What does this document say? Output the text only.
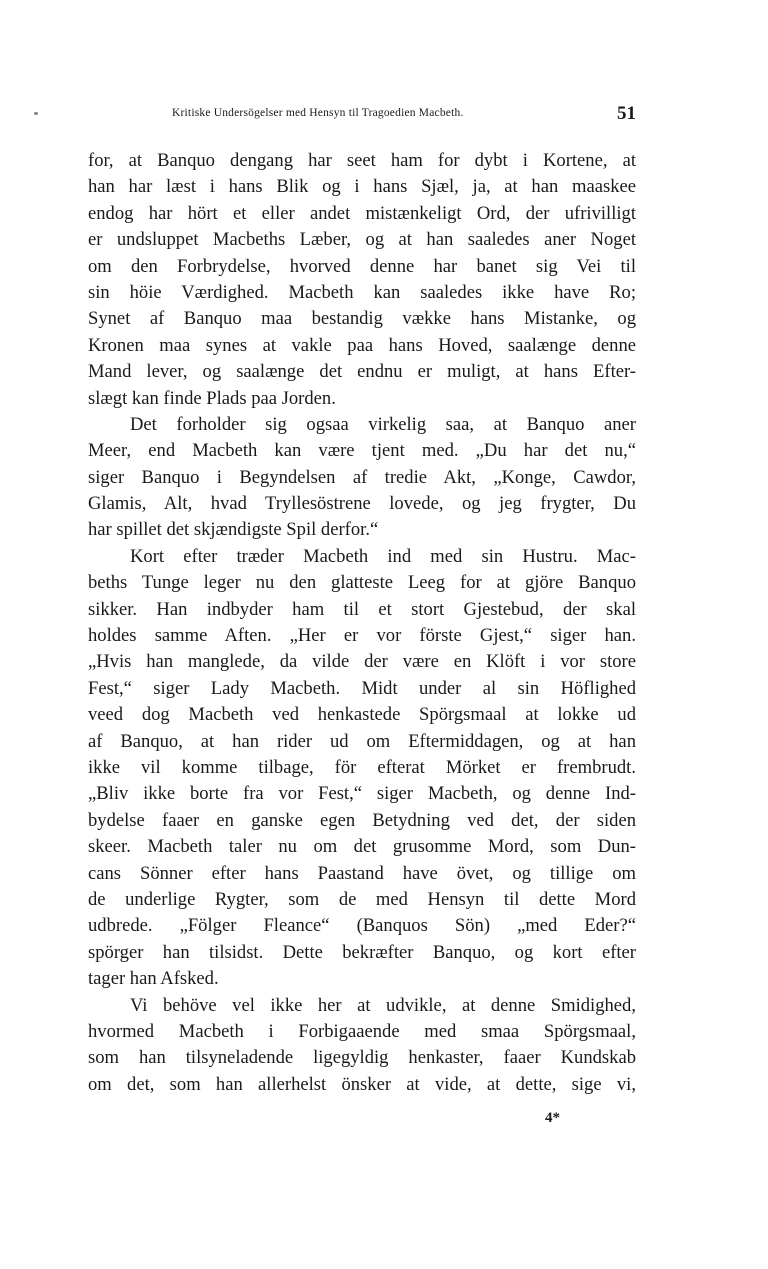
Kritiske Undersögelser med Hensyn til Tragoedien Macbeth.	51
for, at Banquo dengang har seet ham for dybt i Kortene, at
han har læst i hans Blik og i hans Sjæl, ja, at han maaskee
endog har hört et eller andet mistænkeligt Ord, der ufrivilligt
er undsluppet Macbeths Læber, og at han saaledes aner Noget
om den Forbrydelse, hvorved denne har banet sig Vei til
sin höie Værdighed. Macbeth kan saaledes ikke have Ro;
Synet af Banquo maa bestandig vække hans Mistanke, og
Kronen maa synes at vakle paa hans Hoved, saalænge denne
Mand lever, og saalænge det endnu er muligt, at hans Efter-
slægt kan finde Plads paa Jorden.
Det forholder sig ogsaa virkelig saa, at Banquo aner
Meer, end Macbeth kan være tjent med. „Du har det nu,“
siger Banquo i Begyndelsen af tredie Akt, „Konge, Cawdor,
Glamis, Alt, hvad Tryllesöstrene lovede, og jeg frygter, Du
har spillet det skjændigste Spil derfor.“
Kort efter træder Macbeth ind med sin Hustru. Mac-
beths Tunge leger nu den glatteste Leeg for at gjöre Banquo
sikker. Han indbyder ham til et stort Gjestebud, der skal
holdes samme Aften. „Her er vor förste Gjest,“ siger han.
„Hvis han manglede, da vilde der være en Klöft i vor store
Fest,“ siger Lady Macbeth. Midt under al sin Höflighed
veed dog Macbeth ved henkastede Spörgsmaal at lokke ud
af Banquo, at han rider ud om Eftermiddagen, og at han
ikke vil komme tilbage, för efterat Mörket er frembrudt.
„Bliv ikke borte fra vor Fest,“ siger Macbeth, og denne Ind-
bydelse faaer en ganske egen Betydning ved det, der siden
skeer. Macbeth taler nu om det grusomme Mord, som Dun-
cans Sönner efter hans Paastand have övet, og tillige om
de underlige Rygter, som de med Hensyn til dette Mord
udbrede. „Fölger Fleance“ (Banquos Sön) „med Eder?“
spörger han tilsidst. Dette bekræfter Banquo, og kort efter
tager han Afsked.
Vi behöve vel ikke her at udvikle, at denne Smidighed,
hvormed Macbeth i Forbigaaende med smaa Spörgsmaal,
som han tilsyneladende ligegyldig henkaster, faaer Kundskab
om det, som han allerhelst önsker at vide, at dette, sige vi,
4*
